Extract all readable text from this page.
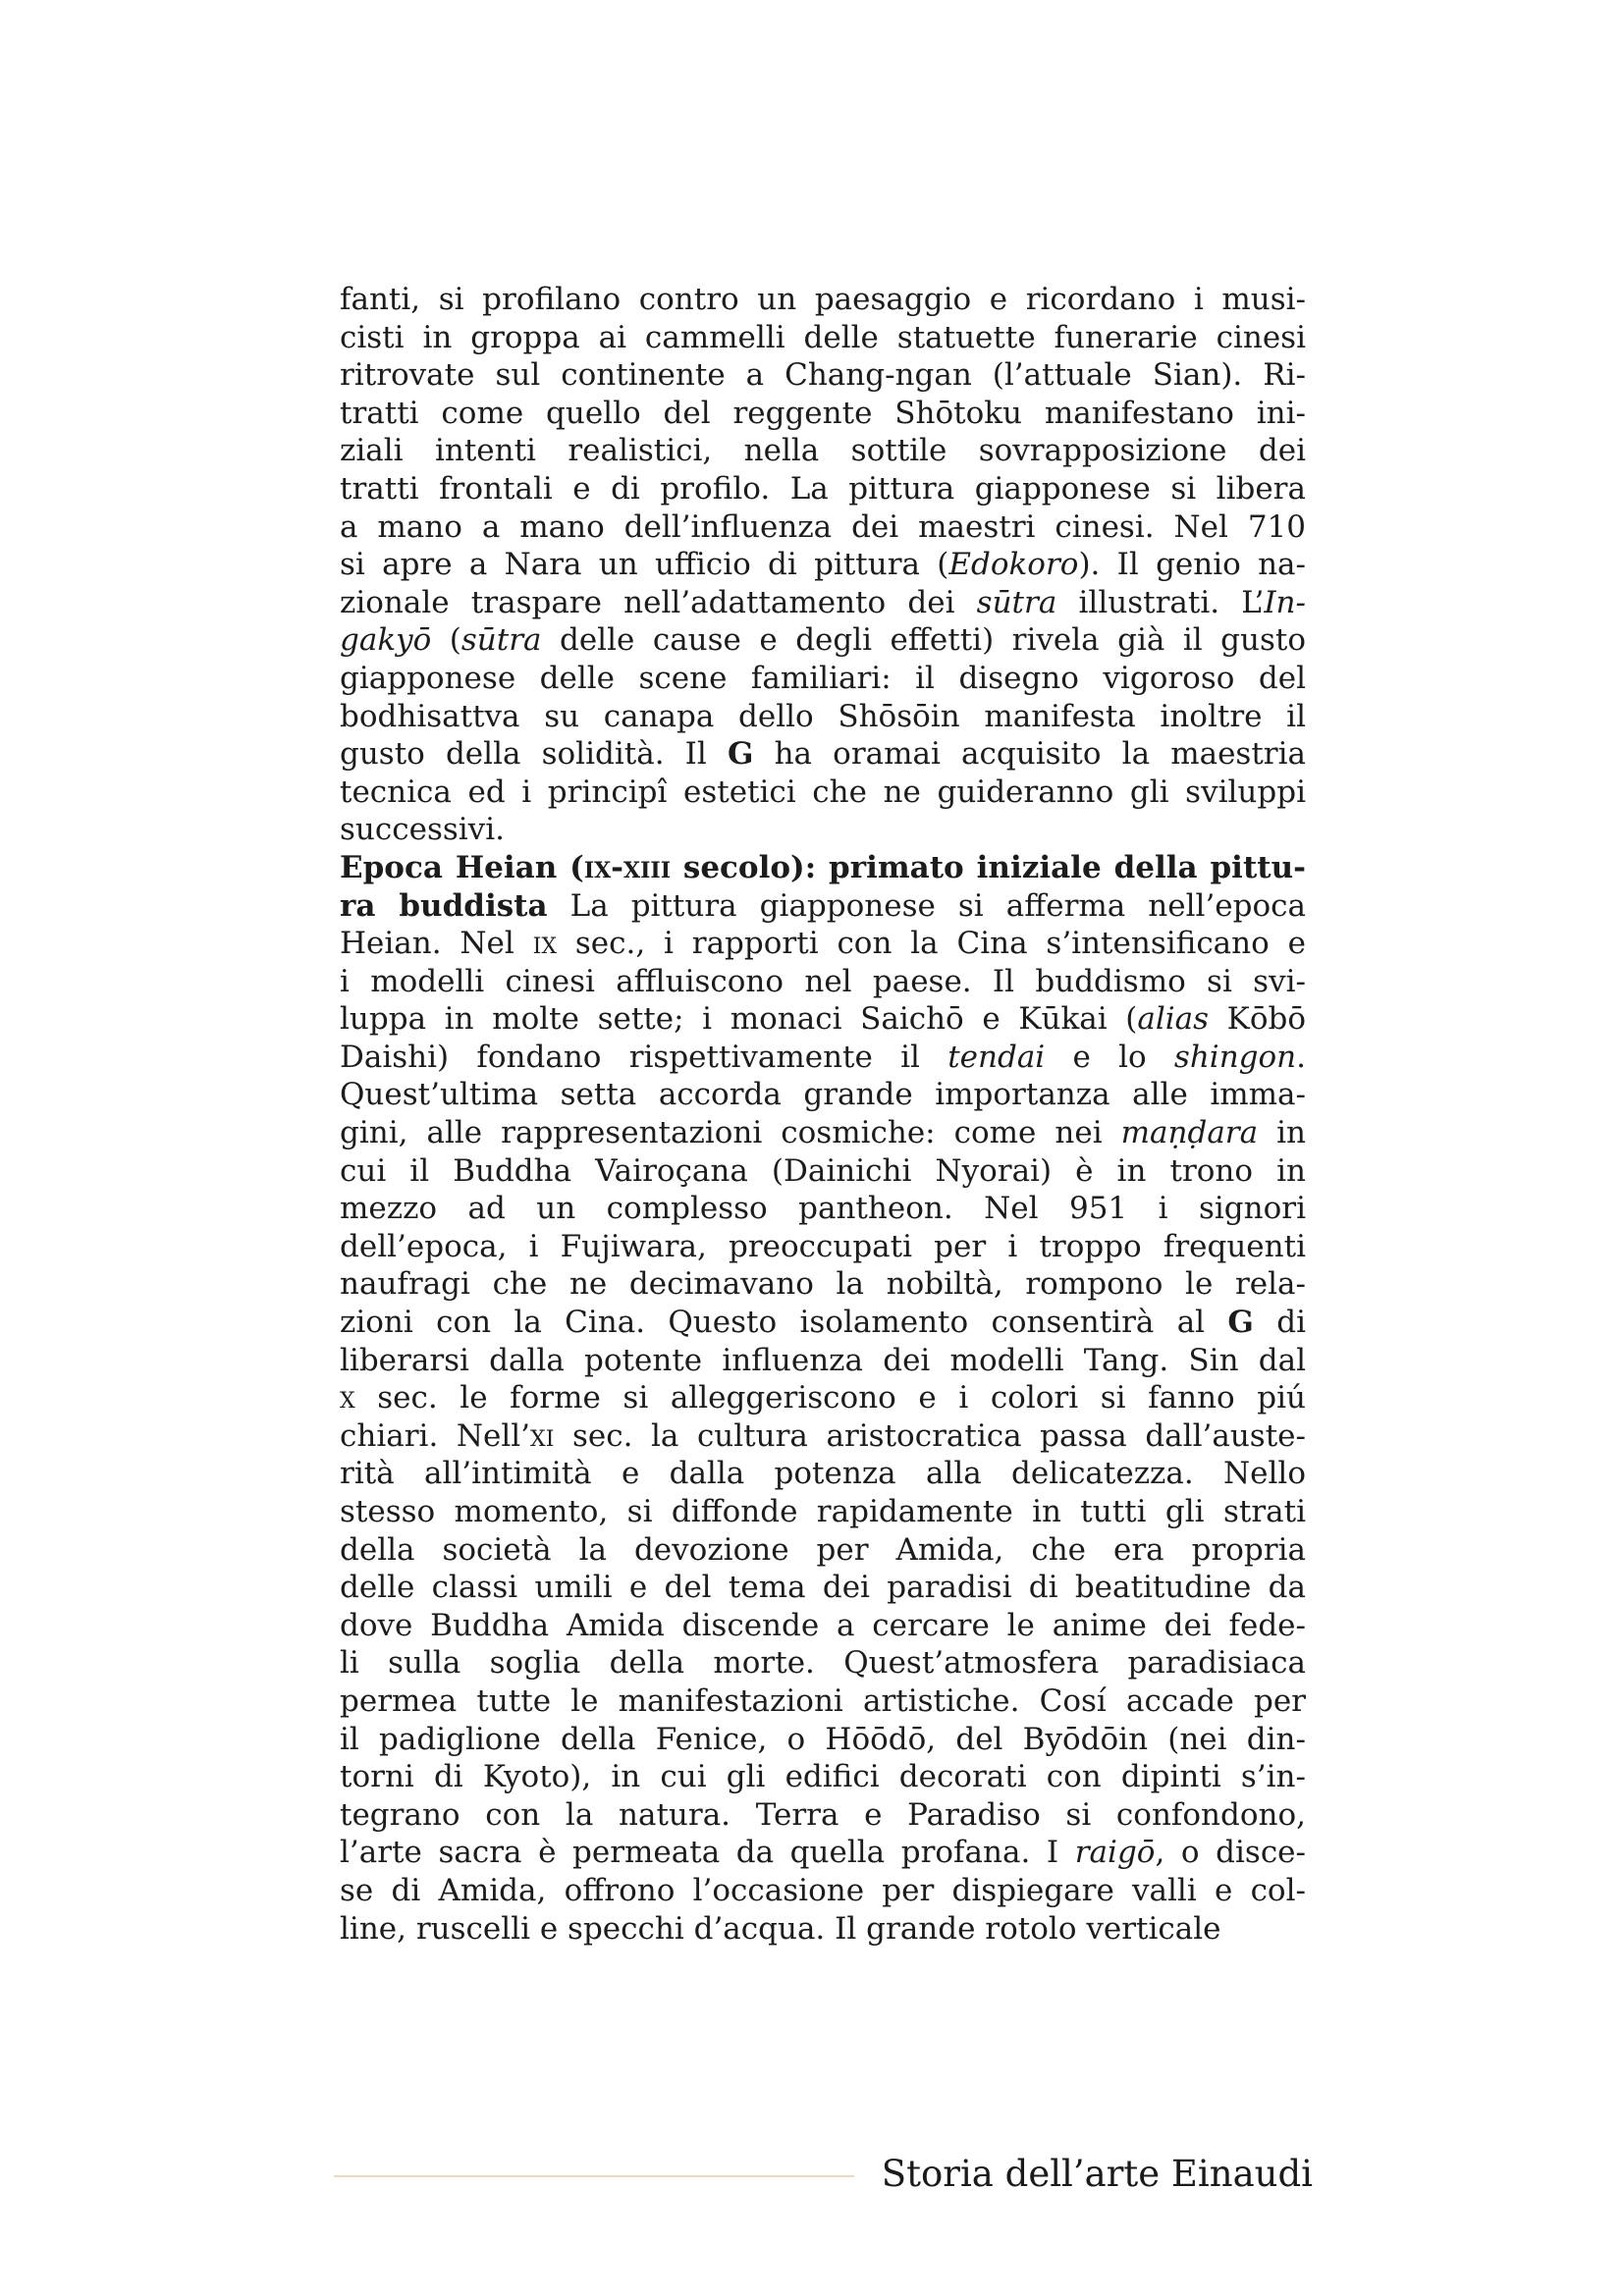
fanti, si profilano contro un paesaggio e ricordano i musi-
cisti in groppa ai cammelli delle statuette funerarie cinesi
ritrovate sul continente a Chang-ngan (l’attuale Sian). Ri-
tratti come quello del reggente Shōtoku manifestano ini-
ziali intenti realistici, nella sottile sovrapposizione dei
tratti frontali e di profilo. La pittura giapponese si libera
a mano a mano dell’influenza dei maestri cinesi. Nel 710
si apre a Nara un ufficio di pittura (Edokoro). Il genio na-
zionale traspare nell’adattamento dei sūtra illustrati. L’In-
gakyō (sūtra delle cause e degli effetti) rivela già il gusto
giapponese delle scene familiari: il disegno vigoroso del
bodhisattva su canapa dello Shōsōin manifesta inoltre il
gusto della solidità. Il G ha oramai acquisito la maestria
tecnica ed i principî estetici che ne guideranno gli sviluppi
successivi.
Epoca Heian (ix-xiii secolo): primato iniziale della pittu-
ra buddista La pittura giapponese si afferma nell’epoca
Heian. Nel ix sec., i rapporti con la Cina s’intensificano e
i modelli cinesi affluiscono nel paese. Il buddismo si svi-
luppa in molte sette; i monaci Saichō e Kūkai (alias Kōbō
Daishi) fondano rispettivamente il tendai e lo shingon.
Quest’ultima setta accorda grande importanza alle imma-
gini, alle rappresentazioni cosmiche: come nei maṇḍara in
cui il Buddha Vairoçana (Dainichi Nyorai) è in trono in
mezzo ad un complesso pantheon. Nel 951 i signori
dell’epoca, i Fujiwara, preoccupati per i troppo frequenti
naufragi che ne decimavano la nobiltà, rompono le rela-
zioni con la Cina. Questo isolamento consentirà al G di
liberarsi dalla potente influenza dei modelli Tang. Sin dal
x sec. le forme si alleggeriscono e i colori si fanno piú
chiari. Nell’xi sec. la cultura aristocratica passa dall’auste-
rità all’intimità e dalla potenza alla delicatezza. Nello
stesso momento, si diffonde rapidamente in tutti gli strati
della società la devozione per Amida, che era propria
delle classi umili e del tema dei paradisi di beatitudine da
dove Buddha Amida discende a cercare le anime dei fede-
li sulla soglia della morte. Quest’atmosfera paradisiaca
permea tutte le manifestazioni artistiche. Cosí accade per
il padiglione della Fenice, o Hōōdō, del Byōdōin (nei din-
torni di Kyoto), in cui gli edifici decorati con dipinti s’in-
tegrano con la natura. Terra e Paradiso si confondono,
l’arte sacra è permeata da quella profana. I raigō, o disce-
se di Amida, offrono l’occasione per dispiegare valli e col-
line, ruscelli e specchi d’acqua. Il grande rotolo verticale
Storia dell’arte Einaudi
